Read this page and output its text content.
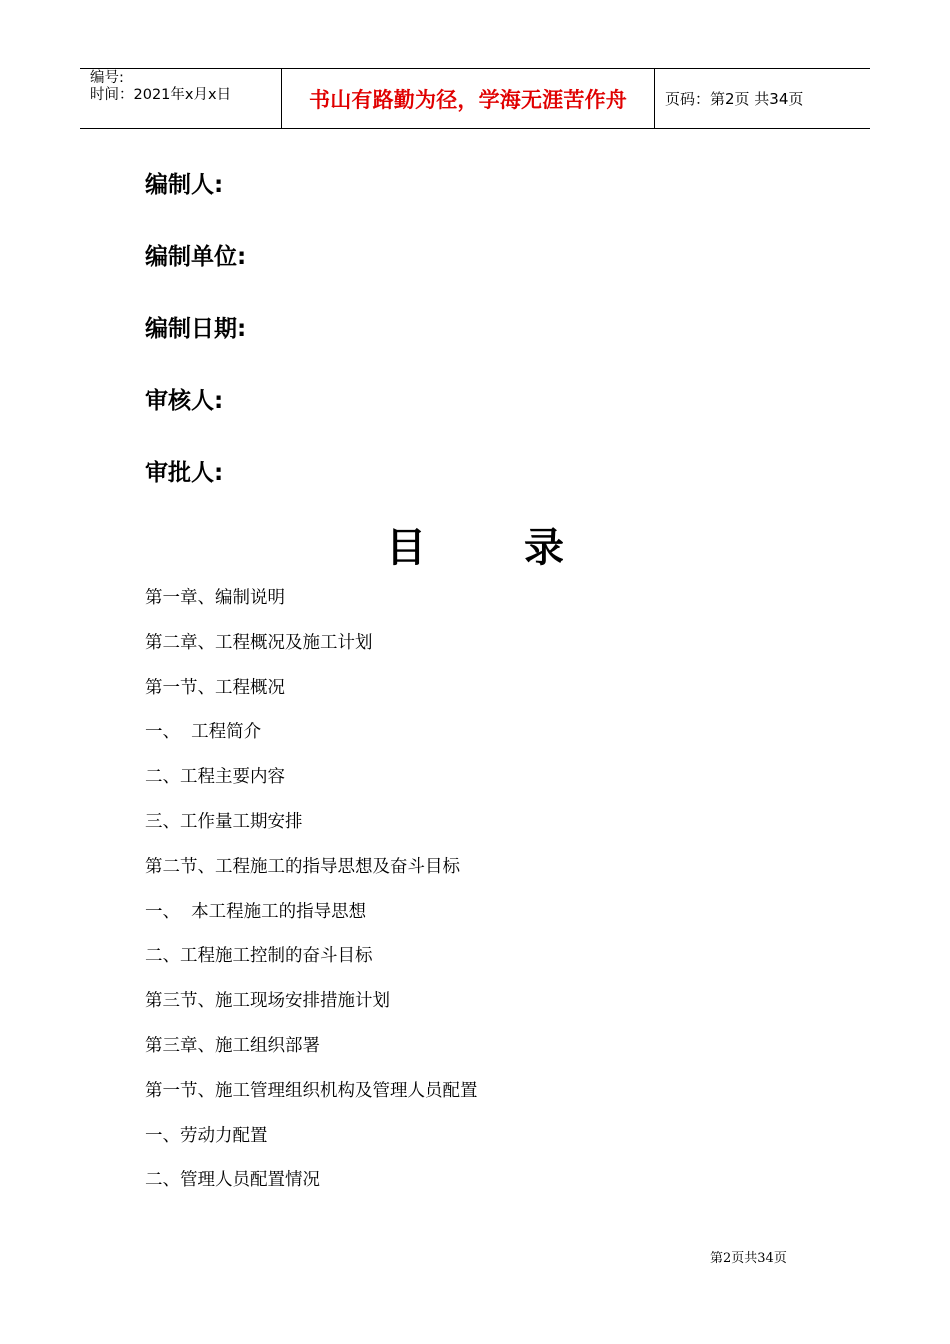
编号:
时间：2021年x月x日	书山有路勤为径，学海无涯苦作舟	页码：第2页 共34页
编制人:
编制单位:
编制日期:
审核人:
审批人:
目 录
第一章、编制说明
第二章、工程概况及施工计划
第一节、工程概况
一、  工程简介
二、工程主要内容
三、工作量工期安排
第二节、工程施工的指导思想及奋斗目标
一、  本工程施工的指导思想
二、工程施工控制的奋斗目标
第三节、施工现场安排措施计划
第三章、施工组织部署
第一节、施工管理组织机构及管理人员配置
一、劳动力配置
二、管理人员配置情况
第2页共34页
